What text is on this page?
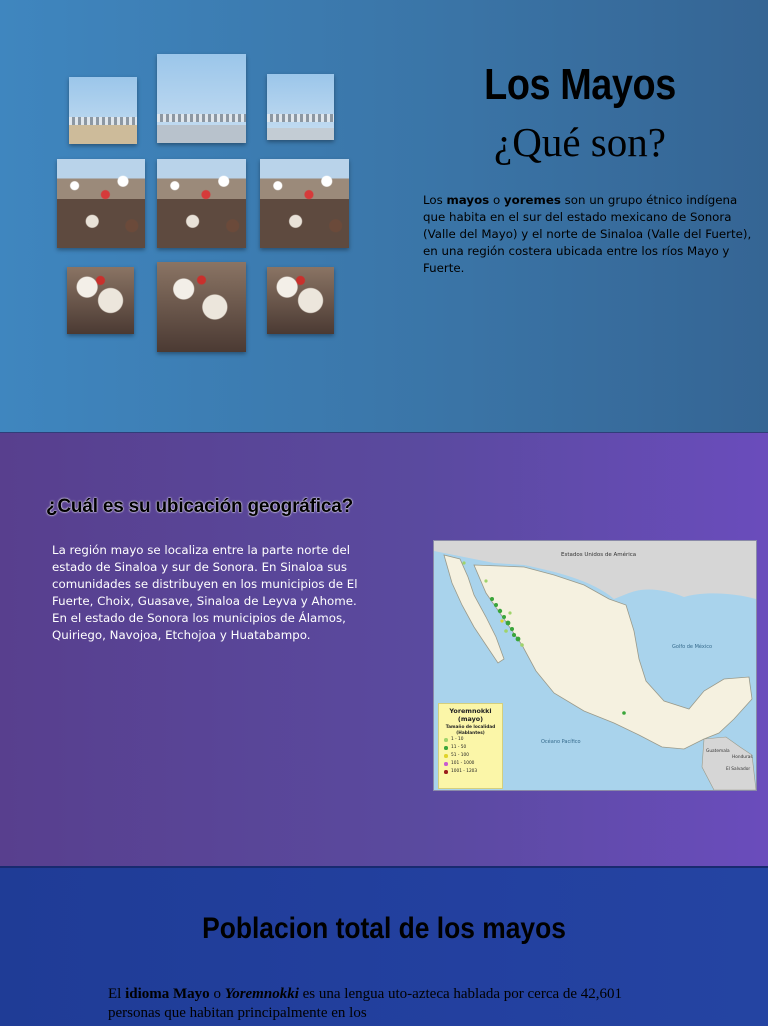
Los Mayos
¿Qué son?
Los mayos o yoremes son un grupo étnico indígena que habita en el sur del estado mexicano de Sonora (Valle del Mayo) y el norte de Sinaloa (Valle del Fuerte), en una región costera ubicada entre los ríos Mayo y Fuerte.
¿Cuál es su ubicación geográfica?
La región mayo se localiza entre la parte norte del estado de Sinaloa y sur de Sonora. En Sinaloa sus comunidades se distribuyen en los municipios de El Fuerte, Choix, Guasave, Sinaloa de Leyva y Ahome. En el estado de Sonora los municipios de Álamos, Quiriego, Navojoa, Etchojoa y Huatabampo.
Estados Unidos de América
Golfo de México
Océano Pacífico
Guatemala
Honduras
El Salvador
Yoremnokki
(mayo)
Tamaño de localidad
(Hablantes)
1 - 10
11 - 50
51 - 100
101 - 1000
1001 - 1203
Poblacion total de los mayos
El idioma Mayo o Yoremnokki es una lengua uto-azteca hablada por cerca de 42,601 personas que habitan principalmente en los
